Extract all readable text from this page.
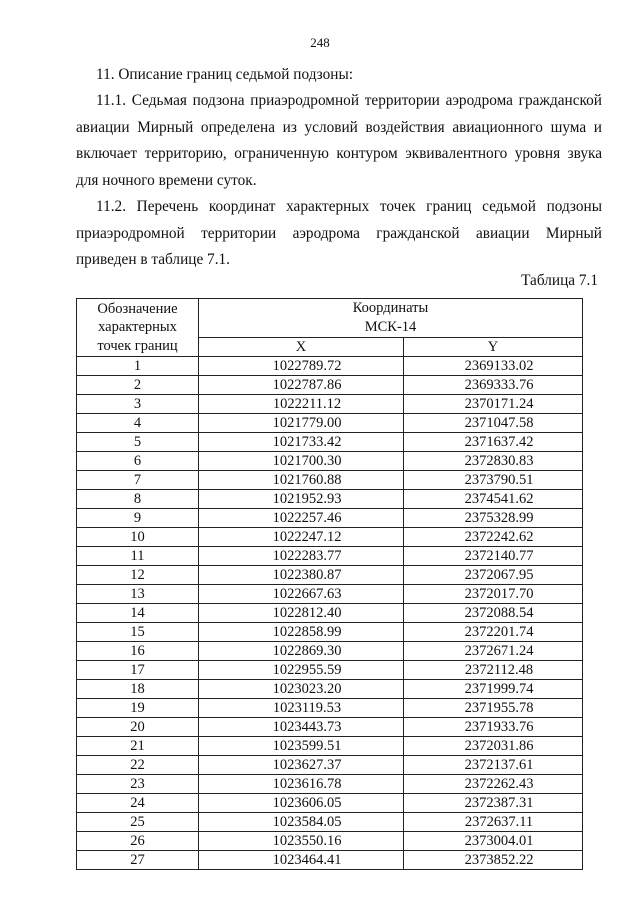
248

11. Описание границ седьмой подзоны:

11.1. Седьмая подзона приаэродромной территории аэродрома гражданской авиации Мирный определена из условий воздействия авиационного шума и включает территорию, ограниченную контуром эквивалентного уровня звука для ночного времени суток.

11.2. Перечень координат характерных точек границ седьмой подзоны приаэродромной территории аэродрома гражданской авиации Мирный приведен в таблице 7.1.

Таблица 7.1
Обозначение
характерных
точек границ	Координаты
МСК-14	
	X	Y
1	1022789.72	2369133.02
2	1022787.86	2369333.76
3	1022211.12	2370171.24
4	1021779.00	2371047.58
5	1021733.42	2371637.42
6	1021700.30	2372830.83
7	1021760.88	2373790.51
8	1021952.93	2374541.62
9	1022257.46	2375328.99
10	1022247.12	2372242.62
11	1022283.77	2372140.77
12	1022380.87	2372067.95
13	1022667.63	2372017.70
14	1022812.40	2372088.54
15	1022858.99	2372201.74
16	1022869.30	2372671.24
17	1022955.59	2372112.48
18	1023023.20	2371999.74
19	1023119.53	2371955.78
20	1023443.73	2371933.76
21	1023599.51	2372031.86
22	1023627.37	2372137.61
23	1023616.78	2372262.43
24	1023606.05	2372387.31
25	1023584.05	2372637.11
26	1023550.16	2373004.01
27	1023464.41	2373852.22
